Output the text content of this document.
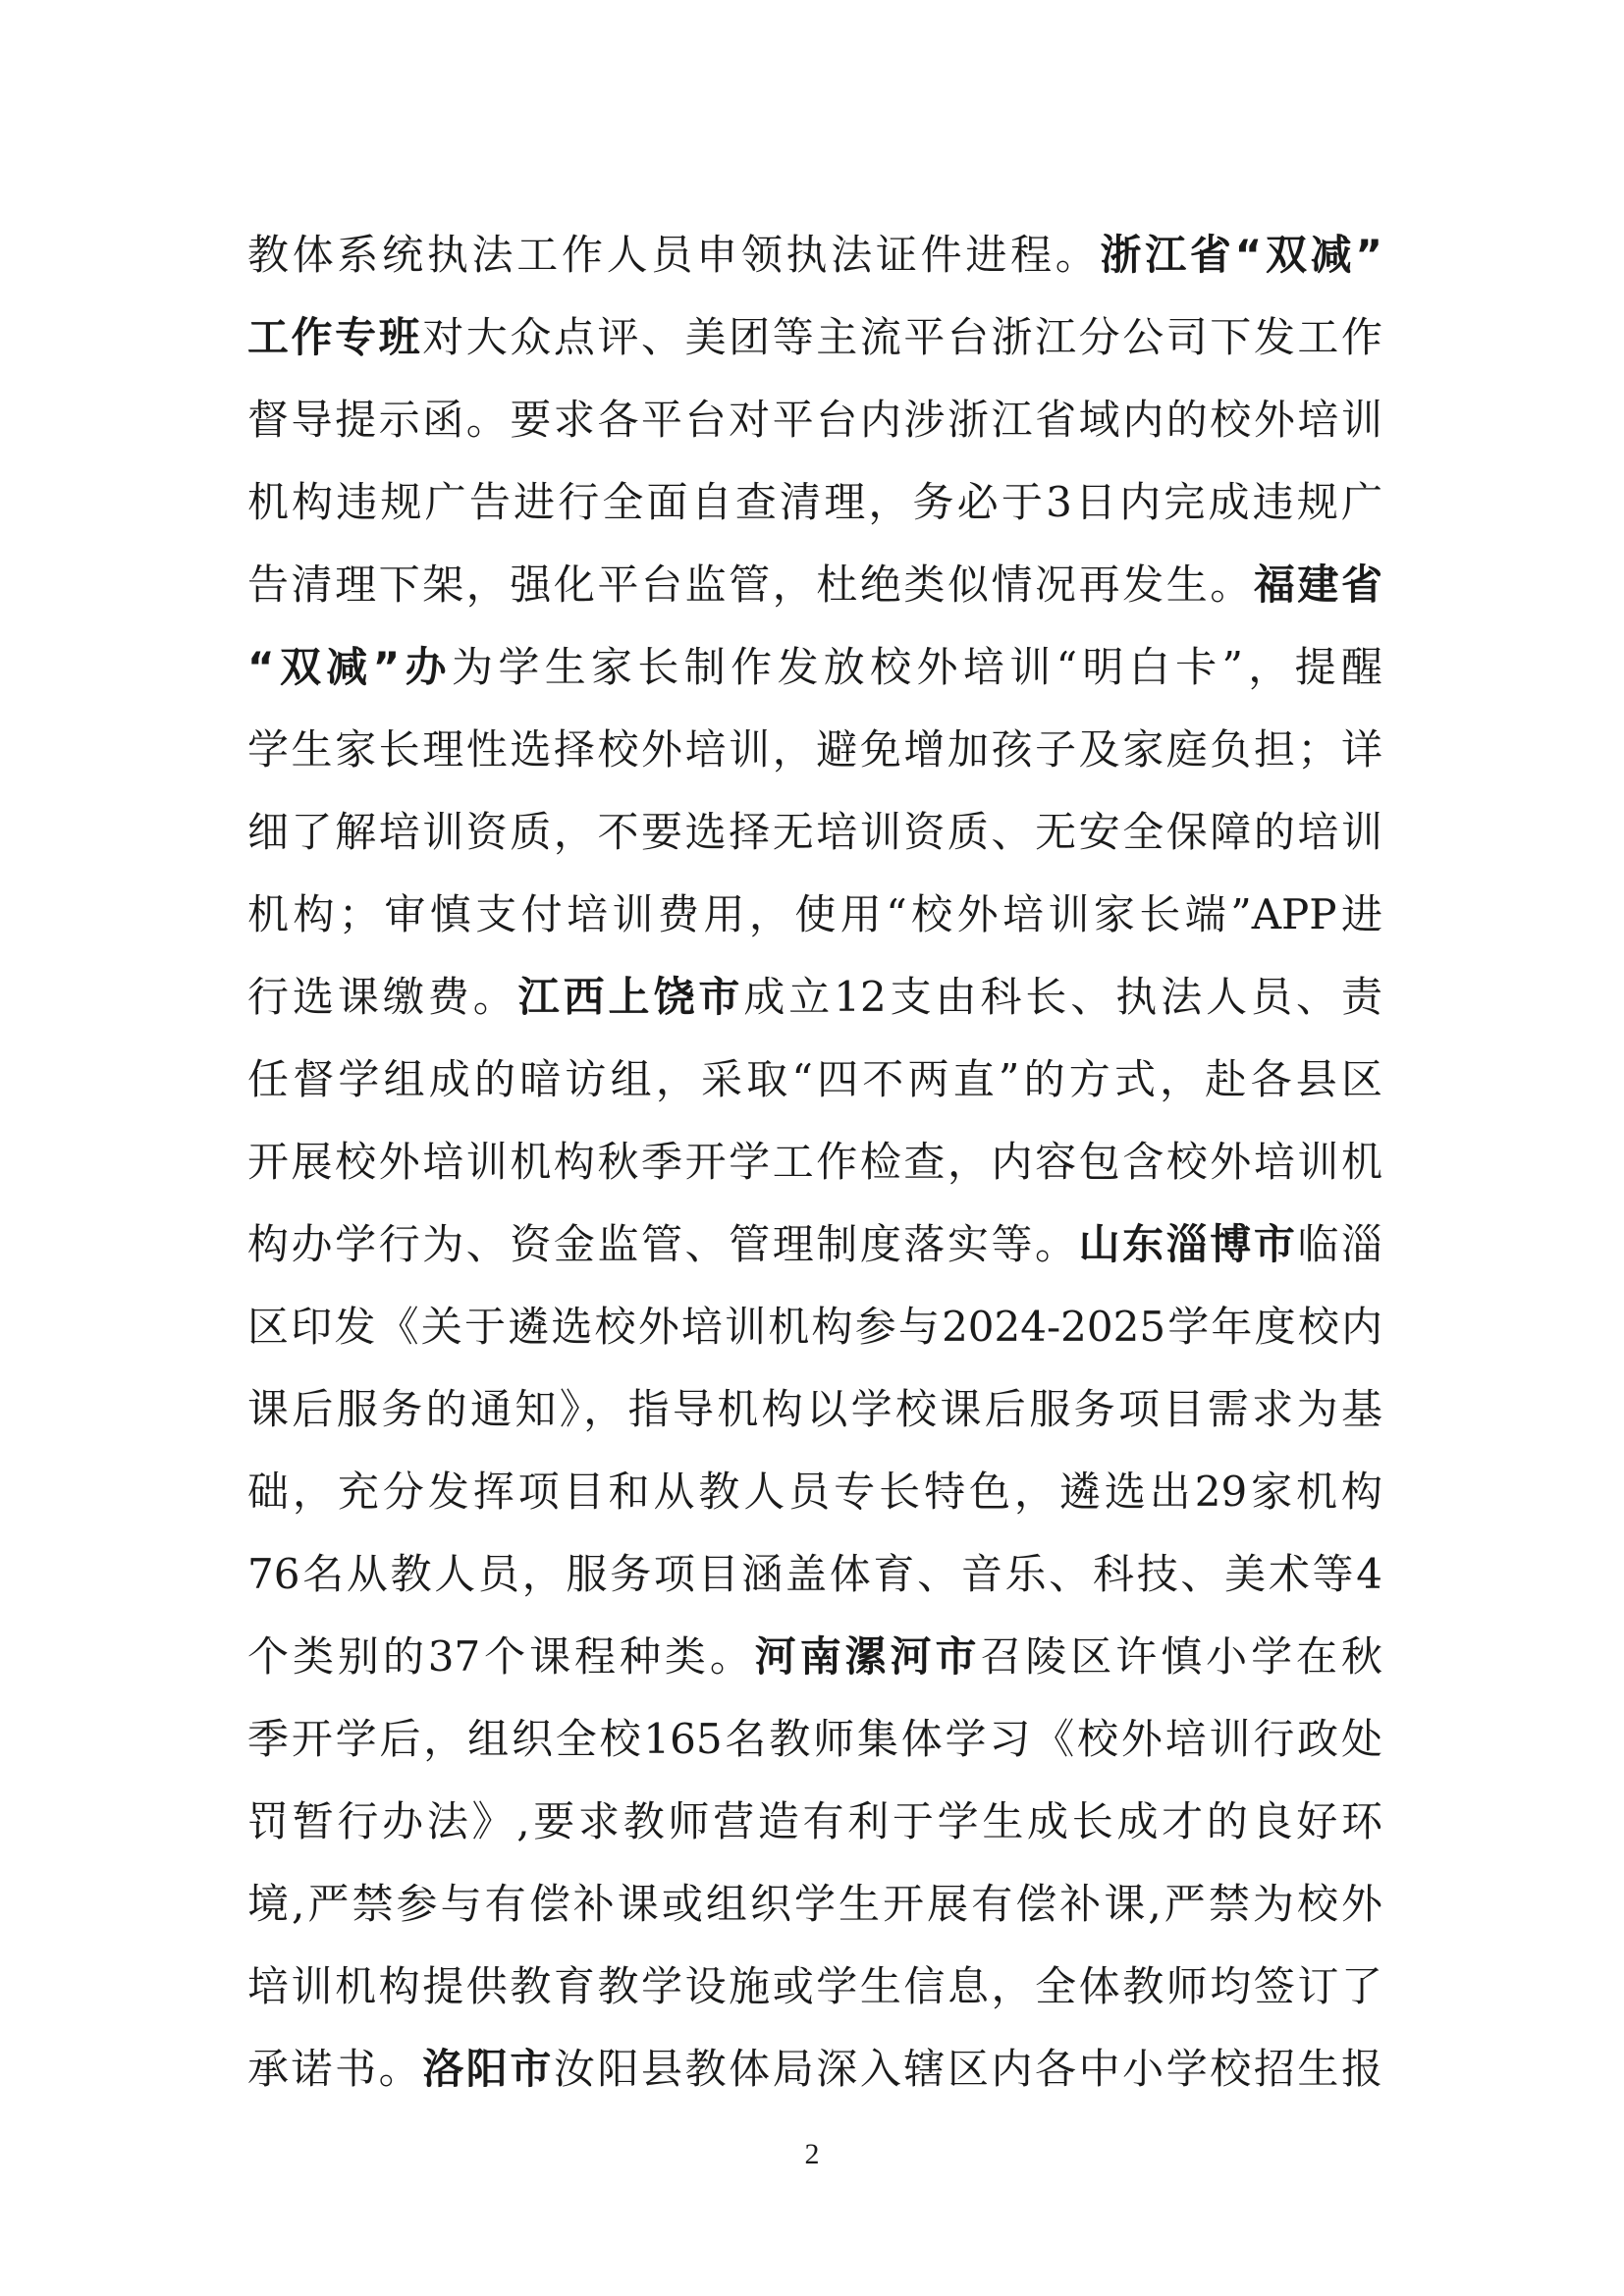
教体系统执法工作人员申领执法证件进程。浙江省“双减”
工作专班对大众点评、美团等主流平台浙江分公司下发工作
督导提示函。要求各平台对平台内涉浙江省域内的校外培训
机构违规广告进行全面自查清理，务必于3日内完成违规广
告清理下架，强化平台监管，杜绝类似情况再发生。福建省
“双减”办为学生家长制作发放校外培训“明白卡”，提醒
学生家长理性选择校外培训，避免增加孩子及家庭负担；详
细了解培训资质，不要选择无培训资质、无安全保障的培训
机构；审慎支付培训费用，使用“校外培训家长端”APP进
行选课缴费。江西上饶市成立12支由科长、执法人员、责
任督学组成的暗访组，采取“四不两直”的方式，赴各县区
开展校外培训机构秋季开学工作检查，内容包含校外培训机
构办学行为、资金监管、管理制度落实等。山东淄博市临淄
区印发《关于遴选校外培训机构参与2024-2025学年度校内
课后服务的通知》，指导机构以学校课后服务项目需求为基
础，充分发挥项目和从教人员专长特色，遴选出29家机构
76名从教人员，服务项目涵盖体育、音乐、科技、美术等4
个类别的37个课程种类。河南漯河市召陵区许慎小学在秋
季开学后，组织全校165名教师集体学习《校外培训行政处
罚暂行办法》,要求教师营造有利于学生成长成才的良好环
境,严禁参与有偿补课或组织学生开展有偿补课,严禁为校外
培训机构提供教育教学设施或学生信息，全体教师均签订了
承诺书。洛阳市汝阳县教体局深入辖区内各中小学校招生报
2
